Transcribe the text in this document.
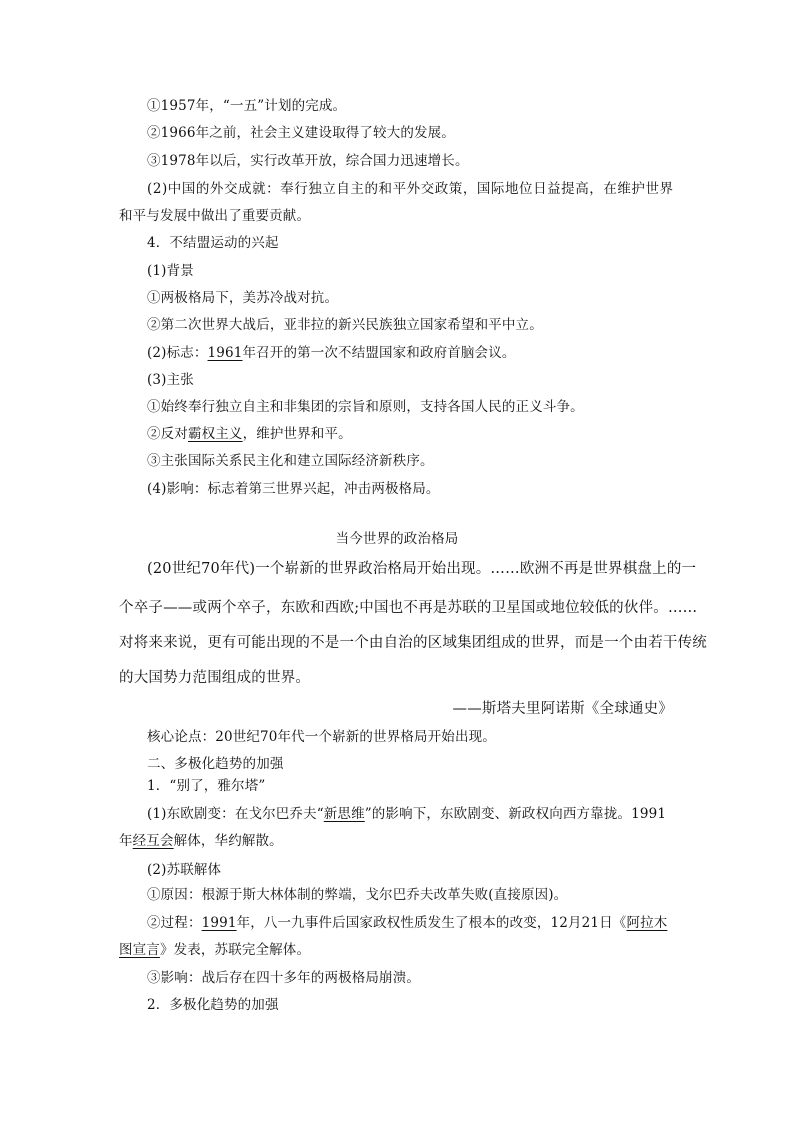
①1957年，“一五”计划的完成。
②1966年之前，社会主义建设取得了较大的发展。
③1978年以后，实行改革开放，综合国力迅速增长。
(2)中国的外交成就：奉行独立自主的和平外交政策，国际地位日益提高，在维护世界
和平与发展中做出了重要贡献。
4．不结盟运动的兴起
(1)背景
①两极格局下，美苏冷战对抗。
②第二次世界大战后，亚非拉的新兴民族独立国家希望和平中立。
(2)标志：1961年召开的第一次不结盟国家和政府首脑会议。
(3)主张
①始终奉行独立自主和非集团的宗旨和原则，支持各国人民的正义斗争。
②反对霸权主义，维护世界和平。
③主张国际关系民主化和建立国际经济新秩序。
(4)影响：标志着第三世界兴起，冲击两极格局。
当今世界的政治格局
(20世纪70年代)一个崭新的世界政治格局开始出现。……欧洲不再是世界棋盘上的一
个卒子——或两个卒子，东欧和西欧;中国也不再是苏联的卫星国或地位较低的伙伴。……
对将来来说，更有可能出现的不是一个由自治的区域集团组成的世界，而是一个由若干传统
的大国势力范围组成的世界。
——斯塔夫里阿诺斯《全球通史》
核心论点：20世纪70年代一个崭新的世界格局开始出现。
二、多极化趋势的加强
1．“别了，雅尔塔”
(1)东欧剧变：在戈尔巴乔夫“新思维”的影响下，东欧剧变、新政权向西方靠拢。1991
年经互会解体，华约解散。
(2)苏联解体
①原因：根源于斯大林体制的弊端，戈尔巴乔夫改革失败(直接原因)。
②过程：1991年，八一九事件后国家政权性质发生了根本的改变，12月21日《阿拉木
图宣言》发表，苏联完全解体。
③影响：战后存在四十多年的两极格局崩溃。
2．多极化趋势的加强
